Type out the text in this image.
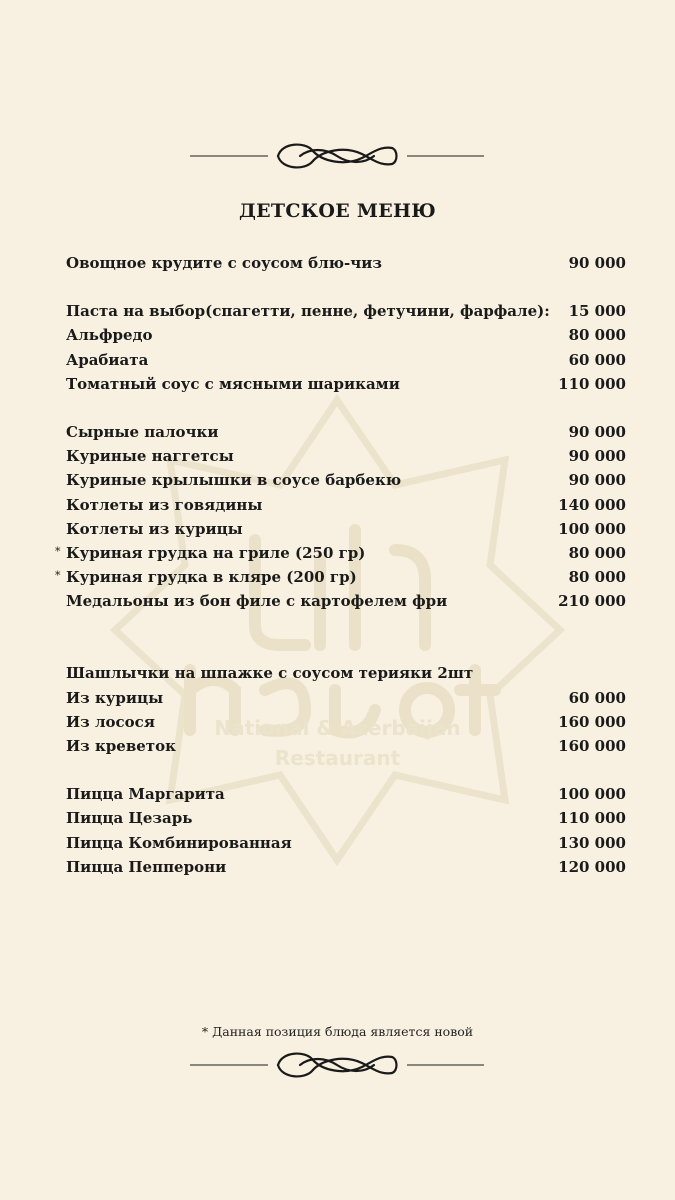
National & Azerbaijan
Restaurant
ДЕТСКОЕ МЕНЮ
Овощное крудите с соусом блю-чиз	90 000
Паста на выбор(спагетти, пенне, фетучини, фарфале): 15 000
Альфредо	80 000
Арабиата	60 000
Томатный соус с мясными шариками	110 000
Сырные палочки	90 000
Куриные наггетсы	90 000
Куриные крылышки в соусе барбекю	90 000
Котлеты из говядины	140 000
Котлеты из курицы	100 000
* Куриная грудка на гриле (250 гр)	80 000
* Куриная грудка в кляре (200 гр)	80 000
Медальоны из бон филе с картофелем фри	210 000
Шашлычки на шпажке с соусом терияки 2шт
Из курицы	60 000
Из лосося	160 000
Из креветок	160 000
Пицца Маргарита	100 000
Пицца Цезарь	110 000
Пицца Комбинированная	130 000
Пицца Пепперони	120 000
* Данная позиция блюда является новой
